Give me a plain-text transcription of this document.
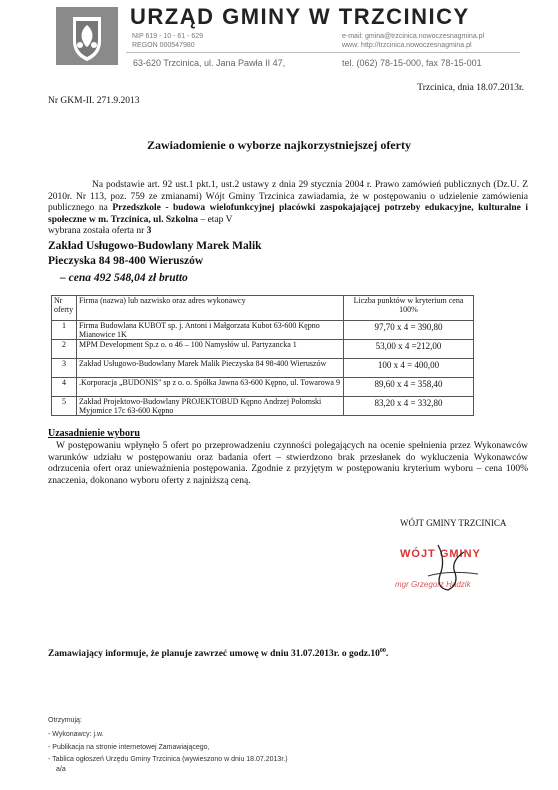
URZĄD GMINY W TRZCINICY
NIP 619 - 10 - 61 - 629
REGON 000547980
e-mail: gmina@trzcinica.nowoczesnagmina.pl
www: http://trzcinica.nowoczesnagmina.pl
63-620 Trzcinica, ul. Jana Pawła II 47,	tel. (062) 78-15-000, fax 78-15-001
Trzcinica, dnia 18.07.2013r.
Nr GKM-II. 271.9.2013
Zawiadomienie o wyborze najkorzystniejszej oferty

Na podstawie art. 92 ust.1 pkt.1, ust.2 ustawy z dnia 29 stycznia 2004 r. Prawo zamówień publicznych (Dz.U. Z 2010r. Nr 113, poz. 759 ze zmianami) Wójt Gminy Trzcinica zawiadamia, że w postępowaniu o udzielenie zamówienia publicznego na Przedszkole - budowa wielofunkcyjnej placówki zaspokajającej potrzeby edukacyjne, kulturalne i społeczne w m. Trzcinica, ul. Szkolna – etap V

wybrana została oferta nr 3
Zakład Usługowo-Budowlany Marek Malik
Pieczyska 84 98-400 Wieruszów
– cena 492 548,04 zł brutto
Nr oferty	Firma (nazwa) lub nazwisko oraz adres wykonawcy	Liczba punktów w kryterium cena 100%
1	Firma Budowlana KUBOT sp. j. Antoni i Małgorzata Kubot 63-600 Kępno Mianowice 1K	97,70 x 4 = 390,80
2	MPM Development Sp.z o. o 46 – 100 Namysłów ul. Partyzancka 1	53,00 x 4 =212,00
3	Zakład Usługowo-Budowlany Marek Malik Pieczyska 84 98-400 Wieruszów	100 x 4 = 400,00
4	.Korporacja „BUDONIS" sp z o. o. Spółka Jawna 63-600 Kępno, ul. Towarowa 9	89,60 x 4 = 358,40
5	Zakład Projektowo-Budowlany PROJEKTOBUD Kępno Andrzej Połomski Myjomice 17c 63-600 Kępno	83,20 x 4 = 332,80
Uzasadnienie wyboru

W postępowaniu wpłynęło 5 ofert po przeprowadzeniu czynności polegających na ocenie spełnienia przez Wykonawców warunków udziału w postępowaniu oraz badania ofert – stwierdzono brak przesłanek do wykluczenia Wykonawców odrzucenia ofert oraz unieważnienia postępowania. Zgodnie z przyjętym w postępowaniu kryterium wyboru – cena 100% znaczenia, dokonano wyboru oferty z najniższą ceną.

WÓJT GMINY TRZCINICA
WÓJT GMINY
mgr Grzegorz Hadzik
Zamawiający informuje, że planuje zawrzeć umowę w dniu 31.07.2013r. o $godz.10^{00}$.
Otrzymują:
- Wykonawcy: j.w.
- Publikacja na stronie internetowej Zamawiającego,
- Tablica ogłoszeń Urzędu Gminy Trzcinica (wywieszono w dniu 18.07.2013r.)
a/a
